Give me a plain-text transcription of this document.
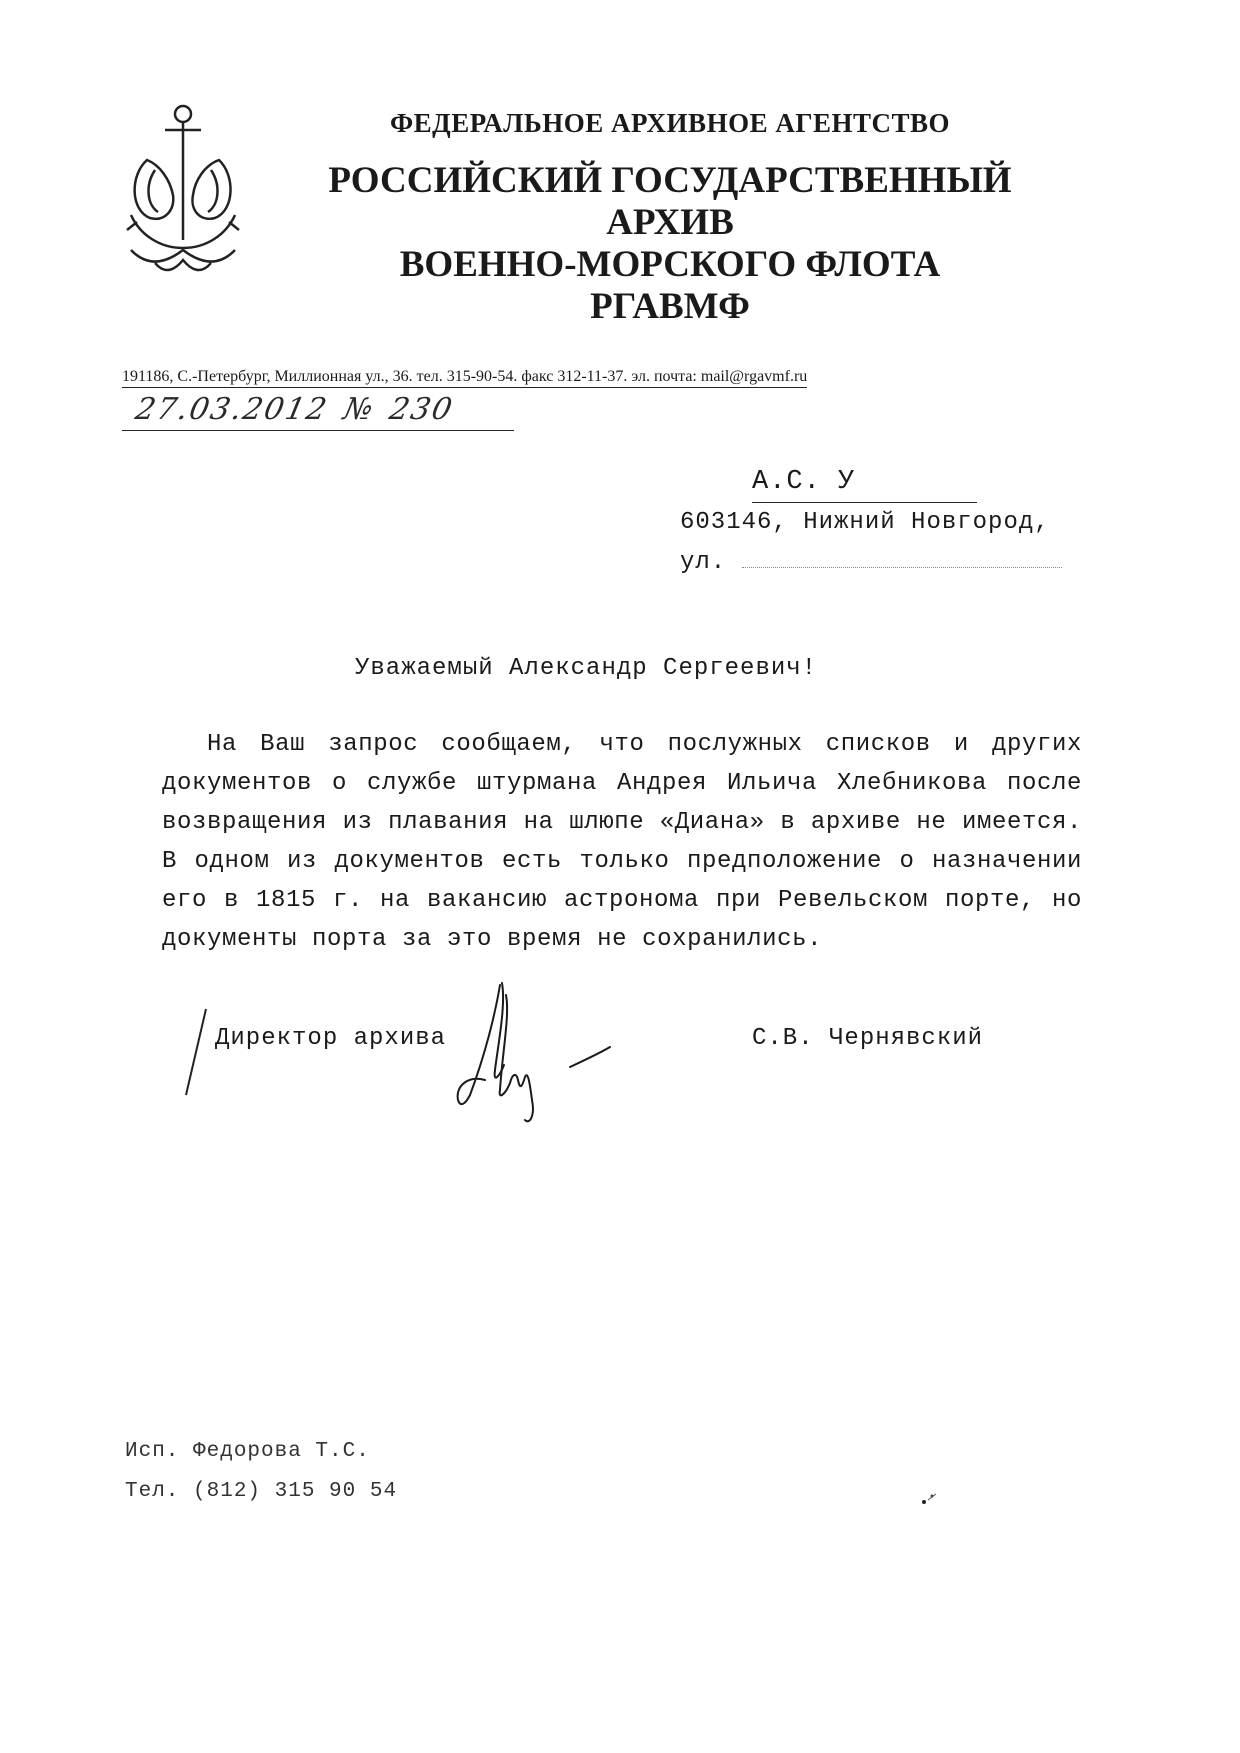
ФЕДЕРАЛЬНОЕ АРХИВНОЕ АГЕНТСТВО
РОССИЙСКИЙ ГОСУДАРСТВЕННЫЙ
АРХИВ
ВОЕННО-МОРСКОГО ФЛОТА
РГАВМФ
191186, С.-Петербург, Миллионная ул., 36. тел. 315-90-54. факс 312-11-37. эл. почта: mail@rgavmf.ru
27.03.2012 № 230
А.С. У
603146, Нижний Новгород,
ул.
Уважаемый Александр Сергеевич!
На Ваш запрос сообщаем, что послужных списков и других документов о службе штурмана Андрея Ильича Хлебникова после возвращения из плавания на шлюпе «Диана» в архиве не имеется. В одном из документов есть только предположение о назначении его в 1815 г. на вакансию астронома при Ревельском порте, но документы порта за это время не сохранились.
Директор архива	С.В. Чернявский
Исп. Федорова Т.С.
Тел. (812) 315 90 54
